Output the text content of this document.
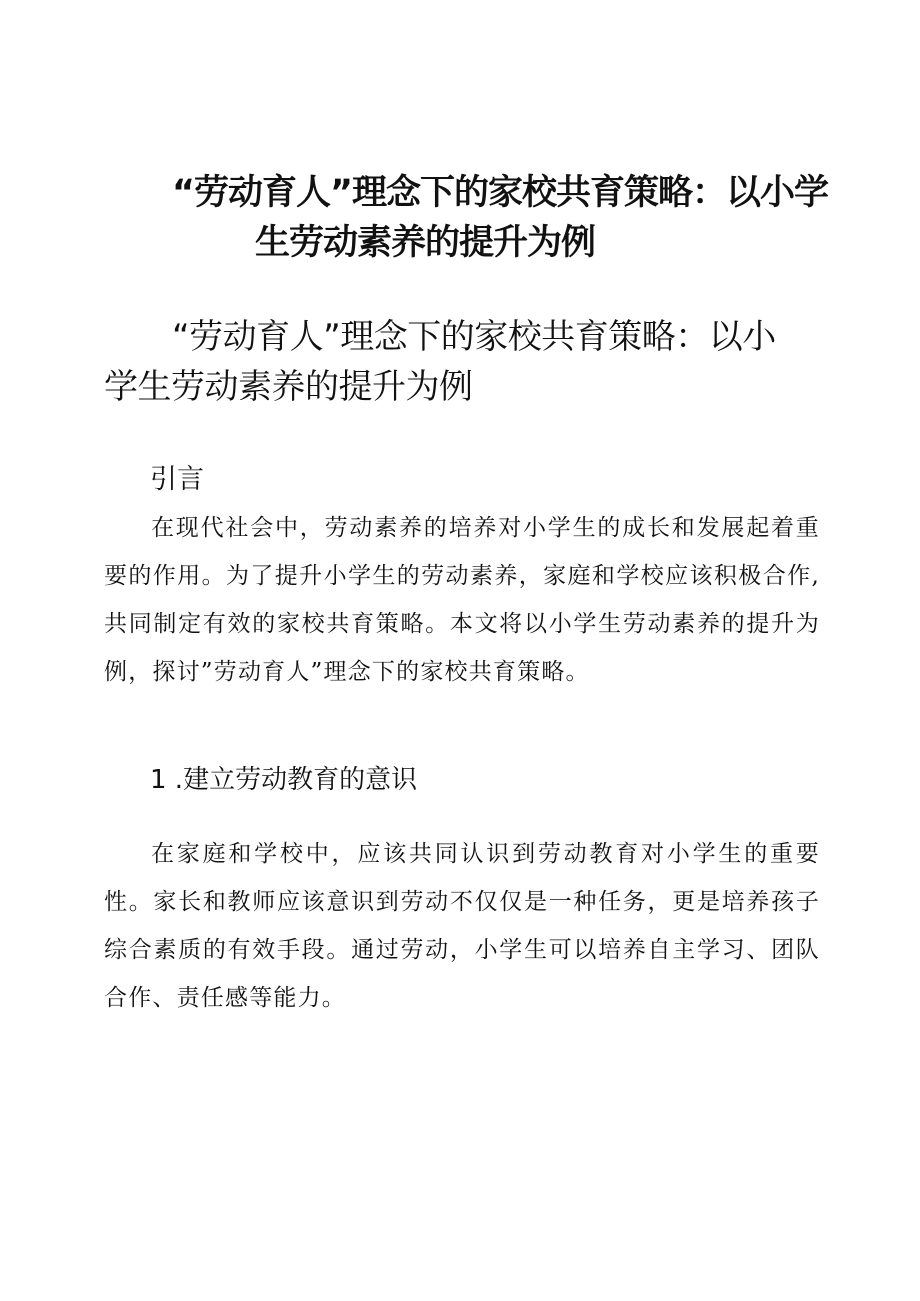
“劳动育人”理念下的家校共育策略：以小学
生劳动素养的提升为例
“劳动育人”理念下的家校共育策略：以小
学生劳动素养的提升为例
引言

在现代社会中，劳动素养的培养对小学生的成长和发展起着重要的作用。为了提升小学生的劳动素养，家庭和学校应该积极合作,共同制定有效的家校共育策略。本文将以小学生劳动素养的提升为例，探讨”劳动育人”理念下的家校共育策略。

1 .建立劳动教育的意识

在家庭和学校中，应该共同认识到劳动教育对小学生的重要性。家长和教师应该意识到劳动不仅仅是一种任务，更是培养孩子综合素质的有效手段。通过劳动，小学生可以培养自主学习、团队合作、责任感等能力。
